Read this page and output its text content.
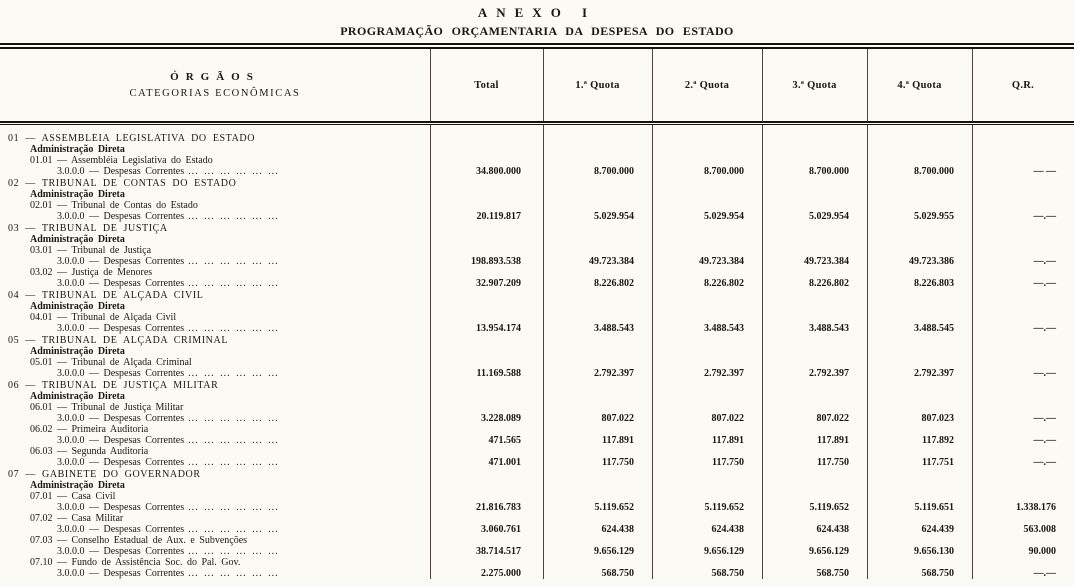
ANEXO I
PROGRAMAÇÃO ORÇAMENTARIA DA DESPESA DO ESTADO
ÓRGÃOS
CATEGORIAS ECONÔMICAS
Total	1.ª Quota	2.ª Quota	3.ª Quota	4.ª Quota	Q.R.
01 — ASSEMBLÉIA LEGISLATIVA DO ESTADO
Administração Direta
01.01 — Assembléia Legislativa do Estado
3.0.0.0 — Despesas Correntes ... ... ... ... ... ...	34.800.000	8.700.000	8.700.000	8.700.000	8.700.000	— —
02 — TRIBUNAL DE CONTAS DO ESTADO
Administração Direta
02.01 — Tribunal de Contas do Estado
3.0.0.0 — Despesas Correntes ... ... ... ... ... ...	20.119.817	5.029.954	5.029.954	5.029.954	5.029.955	—.—
03 — TRIBUNAL DE JUSTIÇA
Administração Direta
03.01 — Tribunal de Justiça
3.0.0.0 — Despesas Correntes ... ... ... ... ... ...	198.893.538	49.723.384	49.723.384	49.723.384	49.723.386	—.—
03.02 — Justiça de Menores
3.0.0.0 — Despesas Correntes ... ... ... ... ... ...	32.907.209	8.226.802	8.226.802	8.226.802	8.226.803	—.—
04 — TRIBUNAL DE ALÇADA CIVIL
Administração Direta
04.01 — Tribunal de Alçada Civil
3.0.0.0 — Despesas Correntes ... ... ... ... ... ...	13.954.174	3.488.543	3.488.543	3.488.543	3.488.545	—.—
05 — TRIBUNAL DE ALÇADA CRIMINAL
Administração Direta
05.01 — Tribunal de Alçada Criminal
3.0.0.0 — Despesas Correntes ... ... ... ... ... ...	11.169.588	2.792.397	2.792.397	2.792.397	2.792.397	—.—
06 — TRIBUNAL DE JUSTIÇA MILITAR
Administração Direta
06.01 — Tribunal de Justiça Militar
3.0.0.0 — Despesas Correntes ... ... ... ... ... ...	3.228.089	807.022	807.022	807.022	807.023	—.—
06.02 — Primeira Auditoria
3.0.0.0 — Despesas Correntes ... ... ... ... ... ...	471.565	117.891	117.891	117.891	117.892	—.—
06.03 — Segunda Auditoria
3.0.0.0 — Despesas Correntes ... ... ... ... ... ...	471.001	117.750	117.750	117.750	117.751	—.—
07 — GABINETE DO GOVERNADOR
Administração Direta
07.01 — Casa Civil
3.0.0.0 — Despesas Correntes ... ... ... ... ... ...	21.816.783	5.119.652	5.119.652	5.119.652	5.119.651	1.338.176
07.02 — Casa Militar
3.0.0.0 — Despesas Correntes ... ... ... ... ... ...	3.060.761	624.438	624.438	624.438	624.439	563.008
07.03 — Conselho Estadual de Aux. e Subvenções
3.0.0.0 — Despesas Correntes ... ... ... ... ... ...	38.714.517	9.656.129	9.656.129	9.656.129	9.656.130	90.000
07.10 — Fundo de Assistência Soc. do Pal. Gov.
3.0.0.0 — Despesas Correntes ... ... ... ... ... ...	2.275.000	568.750	568.750	568.750	568.750	—.—
